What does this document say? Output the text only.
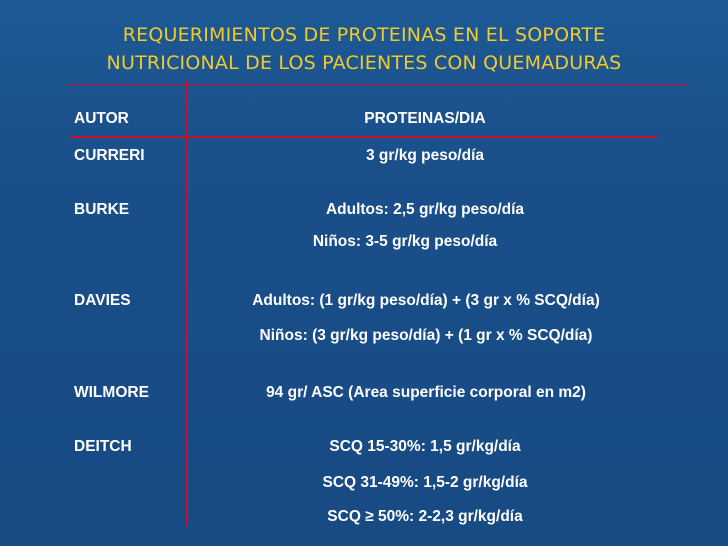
REQUERIMIENTOS DE PROTEINAS EN EL SOPORTE
NUTRICIONAL DE LOS PACIENTES CON QUEMADURAS
AUTOR	PROTEINAS/DIA
CURRERI	3 gr/kg peso/día
BURKE	Adultos: 2,5 gr/kg peso/día
Niños: 3-5 gr/kg peso/día
DAVIES	Adultos: (1 gr/kg peso/día) + (3 gr x % SCQ/día)
Niños: (3 gr/kg peso/día) + (1 gr x % SCQ/día)
WILMORE	94 gr/ ASC (Area superficie corporal en m2)
DEITCH	SCQ 15-30%: 1,5 gr/kg/día
SCQ 31-49%: 1,5-2 gr/kg/día
SCQ ≥ 50%: 2-2,3 gr/kg/día
